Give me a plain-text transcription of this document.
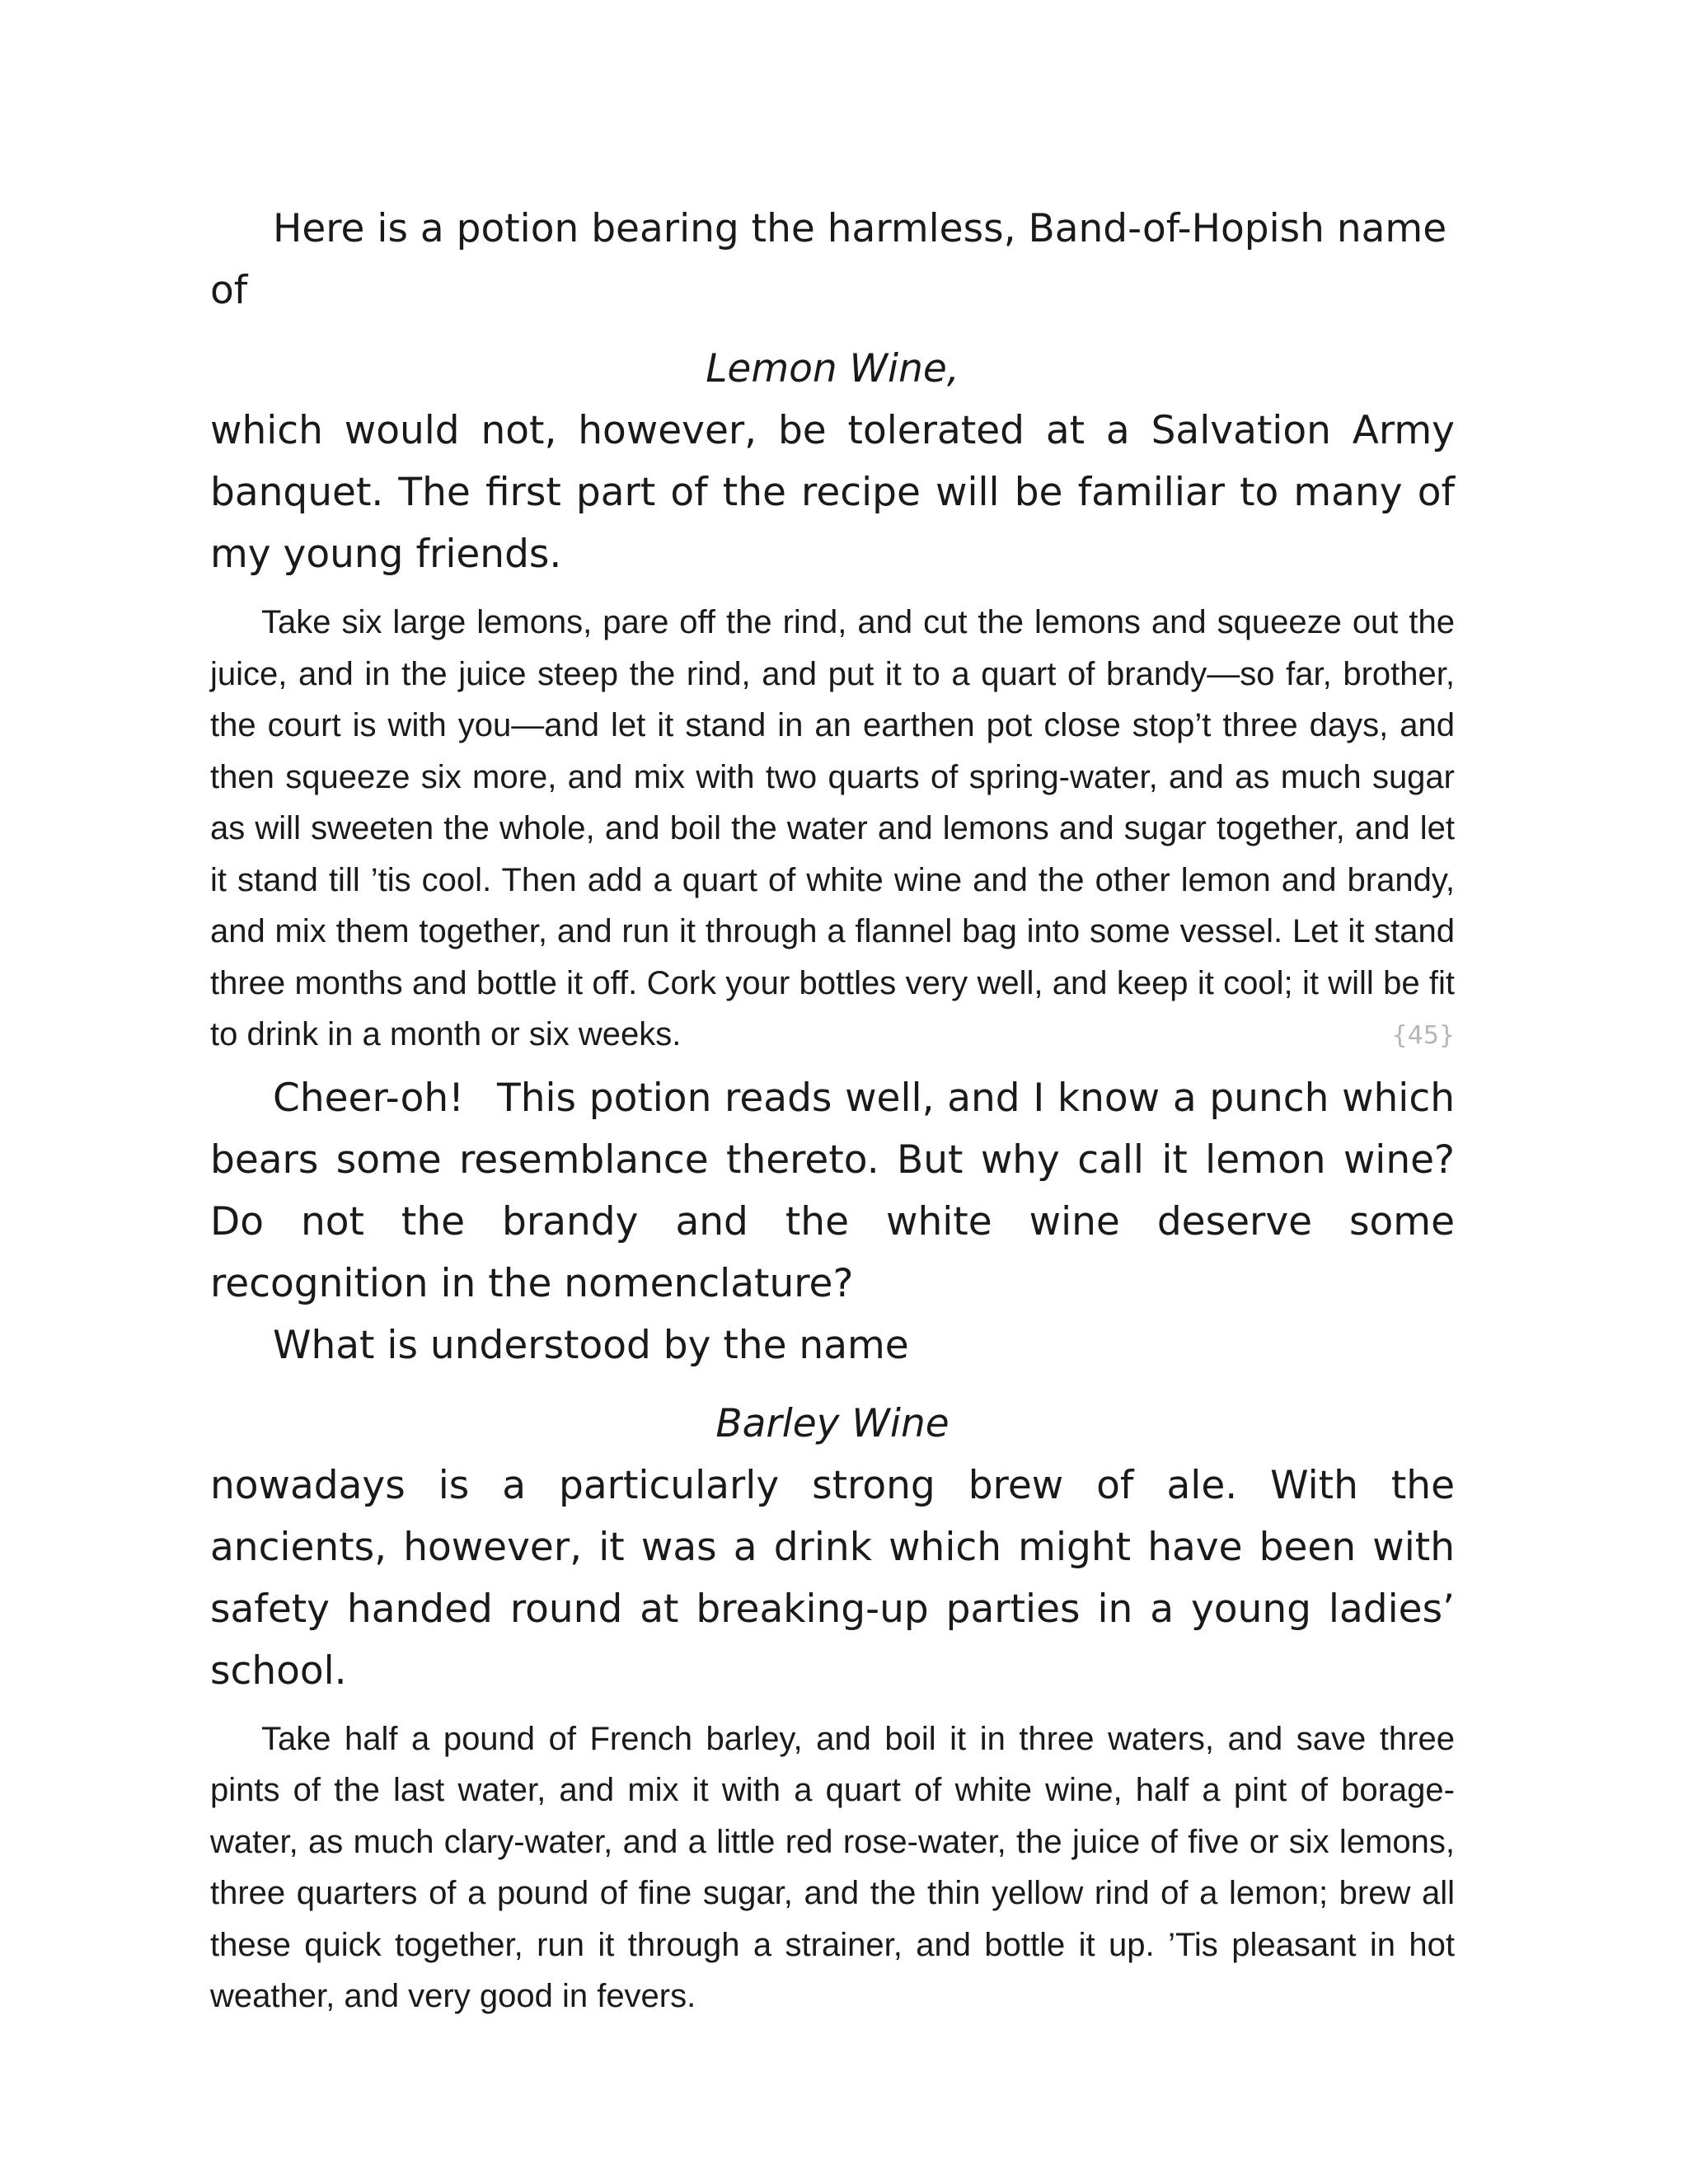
Here is a potion bearing the harmless, Band-of-Hopish name of

Lemon Wine,

which would not, however, be tolerated at a Salvation Army banquet. The first part of the recipe will be familiar to many of my young friends.

Take six large lemons, pare off the rind, and cut the lemons and squeeze out the juice, and in the juice steep the rind, and put it to a quart of brandy—so far, brother, the court is with you—and let it stand in an earthen pot close stop’t three days, and then squeeze six more, and mix with two quarts of spring-water, and as much sugar as will sweeten the whole, and boil the water and lemons and sugar together, and let it stand till ’tis cool. Then add a quart of white wine and the other lemon and brandy, and mix them together, and run it through a flannel bag into some vessel. Let it stand three months and bottle it off. Cork your bottles very well, and keep it cool; it will be fit to drink in a month or six weeks.	{45}

Cheer-oh! This potion reads well, and I know a punch which bears some resemblance thereto. But why call it lemon wine? Do not the brandy and the white wine deserve some recognition in the nomenclature?

What is understood by the name

Barley Wine

nowadays is a particularly strong brew of ale. With the ancients, however, it was a drink which might have been with safety handed round at breaking-up parties in a young ladies’ school.

Take half a pound of French barley, and boil it in three waters, and save three pints of the last water, and mix it with a quart of white wine, half a pint of borage-water, as much clary-water, and a little red rose-water, the juice of five or six lemons, three quarters of a pound of fine sugar, and the thin yellow rind of a lemon; brew all these quick together, run it through a strainer, and bottle it up. ’Tis pleasant in hot weather, and very good in fevers.
